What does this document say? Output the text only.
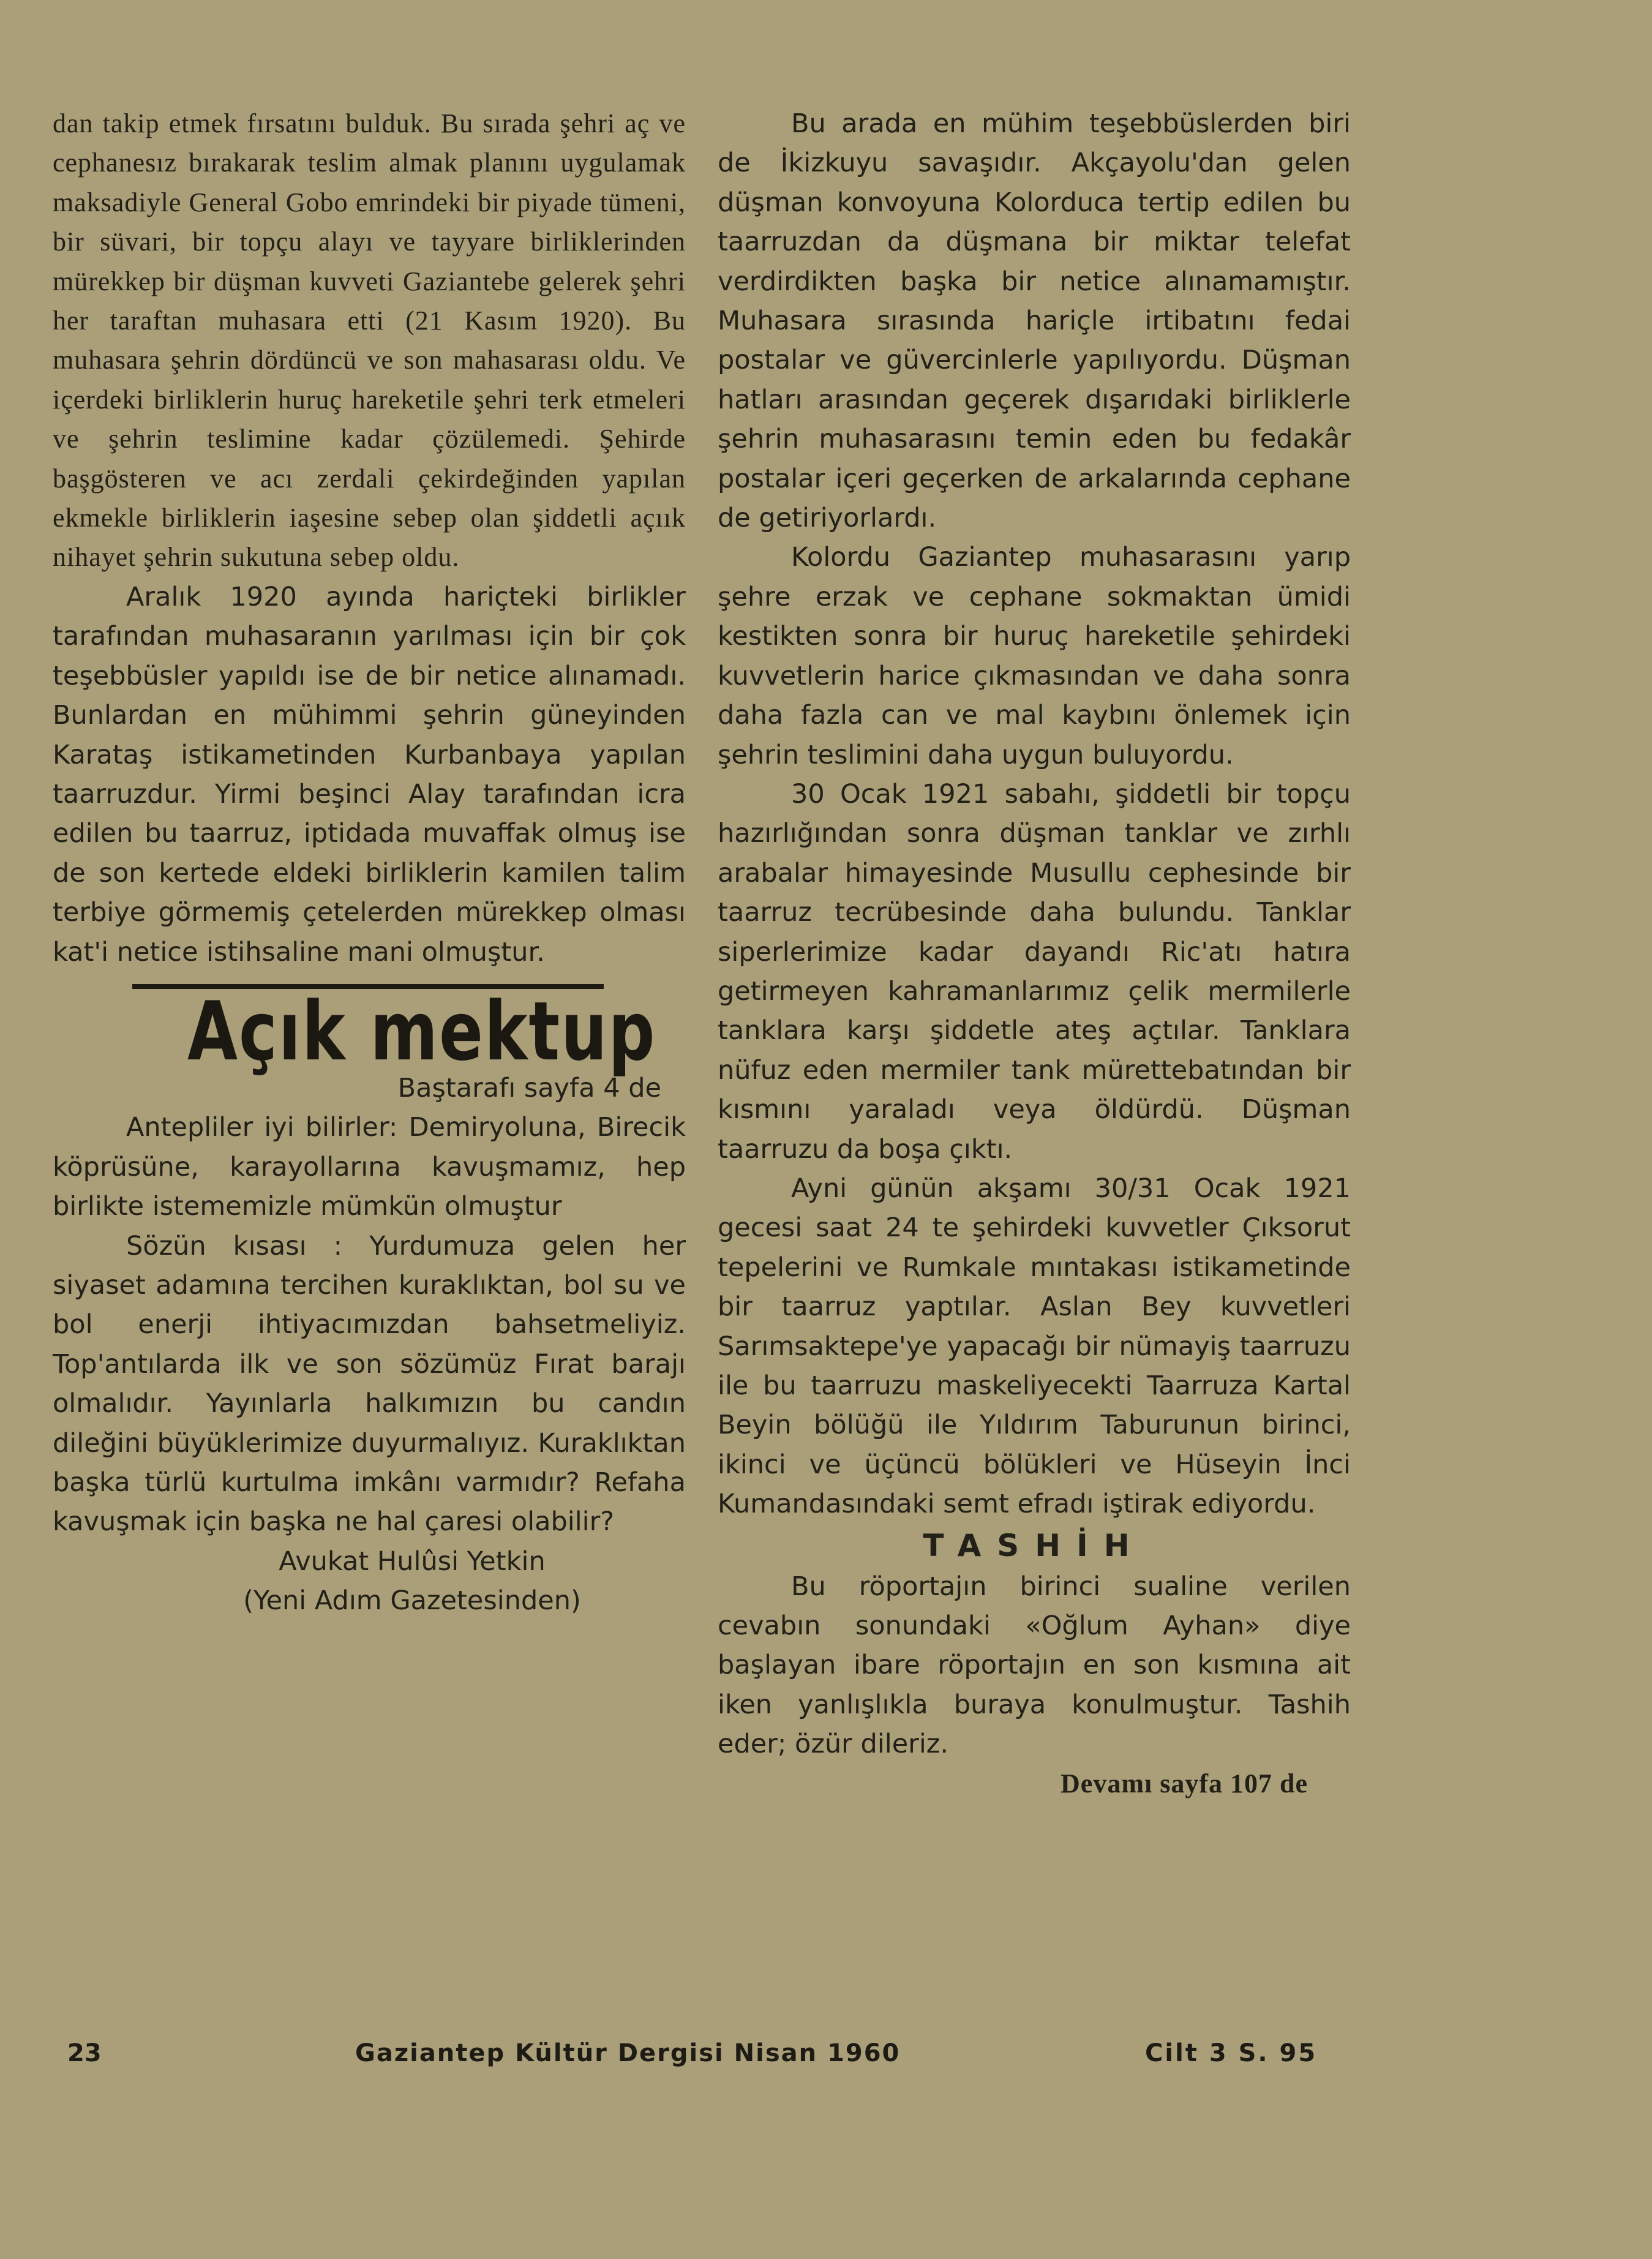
dan takip etmek fırsatını bulduk. Bu sırada şehri aç ve cephanesız bırakarak teslim almak planını uygulamak maksadiyle General Gobo emrindeki bir piyade tümeni, bir süvari, bir topçu alayı ve tayyare birliklerinden mürekkep bir düşman kuvveti Gaziantebe gelerek şehri her taraftan muhasara etti (21 Kasım 1920). Bu muhasara şehrin dördüncü ve son mahasarası oldu. Ve içerdeki birliklerin huruç hareketile şehri terk etmeleri ve şehrin teslimine kadar çözülemedi. Şehirde başgösteren ve acı zerdali çekirdeğinden yapılan ekmekle birliklerin iaşesine sebep olan şiddetli açıık nihayet şehrin sukutuna sebep oldu.

Aralık 1920 ayında hariçteki birlikler tarafından muhasaranın yarılması için bir çok teşebbüsler yapıldı ise de bir netice alınamadı. Bunlardan en mühimmi şehrin güneyinden Karataş istikametinden Kurbanbaya yapılan taarruzdur. Yirmi beşinci Alay tarafından icra edilen bu taarruz, iptidada muvaffak olmuş ise de son kertede eldeki birliklerin kamilen talim terbiye görmemiş çetelerden mürekkep olması kat'i netice istihsaline mani olmuştur.

Açık mektup

Baştarafı sayfa 4 de

Antepliler iyi bilirler: Demiryoluna, Birecik köprüsüne, karayollarına kavuşmamız, hep birlikte istememizle mümkün olmuştur

Sözün kısası : Yurdumuza gelen her siyaset adamına tercihen kuraklıktan, bol su ve bol enerji ihtiyacımızdan bahsetmeliyiz. Top'antılarda ilk ve son sözümüz Fırat barajı olmalıdır. Yayınlarla halkımızın bu candın dileğini büyüklerimize duyurmalıyız. Kuraklıktan başka türlü kurtulma imkânı varmıdır? Refaha kavuşmak için başka ne hal çaresi olabilir?

Avukat Hulûsi Yetkin

(Yeni Adım Gazetesinden)

Bu arada en mühim teşebbüslerden biri de İkizkuyu savaşıdır. Akçayolu'dan gelen düşman konvoyuna Kolorduca tertip edilen bu taarruzdan da düşmana bir miktar telefat verdirdikten başka bir netice alınamamıştır. Muhasara sırasında hariçle irtibatını fedai postalar ve güvercinlerle yapılıyordu. Düşman hatları arasından geçerek dışarıdaki birliklerle şehrin muhasarasını temin eden bu fedakâr postalar içeri geçerken de arkalarında cephane de getiriyorlardı.

Kolordu Gaziantep muhasarasını yarıp şehre erzak ve cephane sokmaktan ümidi kestikten sonra bir huruç hareketile şehirdeki kuvvetlerin harice çıkmasından ve daha sonra daha fazla can ve mal kaybını önlemek için şehrin teslimini daha uygun buluyordu.

30 Ocak 1921 sabahı, şiddetli bir topçu hazırlığından sonra düşman tanklar ve zırhlı arabalar himayesinde Musullu cephesinde bir taarruz tecrübesinde daha bulundu. Tanklar siperlerimize kadar dayandı Ric'atı hatıra getirmeyen kahramanlarımız çelik mermilerle tanklara karşı şiddetle ateş açtılar. Tanklara nüfuz eden mermiler tank mürettebatından bir kısmını yaraladı veya öldürdü. Düşman taarruzu da boşa çıktı.

Ayni günün akşamı 30/31 Ocak 1921 gecesi saat 24 te şehirdeki kuvvetler Çıksorut tepelerini ve Rumkale mıntakası istikametinde bir taarruz yaptılar. Aslan Bey kuvvetleri Sarımsaktepe'ye yapacağı bir nümayiş taarruzu ile bu taarruzu maskeliyecekti Taarruza Kartal Beyin bölüğü ile Yıldırım Taburunun birinci, ikinci ve üçüncü bölükleri ve Hüseyin İnci Kumandasındaki semt efradı iştirak ediyordu.

TASHİH

Bu röportajın birinci sualine verilen cevabın sonundaki «Oğlum Ayhan» diye başlayan ibare röportajın en son kısmına ait iken yanlışlıkla buraya konulmuştur. Tashih eder; özür dileriz.

Devamı sayfa 107 de

23	Gaziantep Kültür Dergisi Nisan 1960	Cilt 3 S. 95
